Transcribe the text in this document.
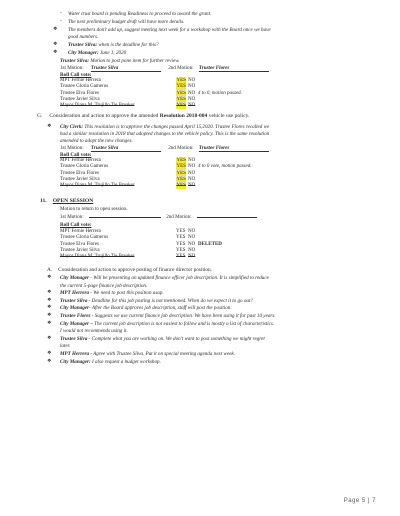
- Water trust board is pending Readiness to proceed to award the grant.
- The next preliminary budget draft will have more details.
❖ The members don't add up, suggest meeting next week for a workshop with the Board once we have
good numbers.
❖ Trustee Silva: when is the deadline for this?
❖ City Manager: June 1, 2020
Trustee Silva: Motion to post pone item for further review.
1st Motion: Trustee Silva	2nd Motion: Trustee Flores
Roll Call vote:
MPT Fernie Herrera	YES NO
Trustee Gloria Gameros	YES NO
Trustee Elva Flores	YES NO 4 to 0, motion passed.
Trustee Javier Silva	YES NO
Mayor Diana M. Trujillo Tie Breaker	YES NO
G. Consideration and action to approve the amended Resolution 2018-004 vehicle use policy.
❖ City Clerk: This resolution is to approve the changes passed April 15,2020. Trustee Flores recalled we
had a similar resolution in 2018 that adopted changes to the vehicle policy. This is the same resolution
amended to adopt the new changes.
1st Motion: Trustee Silva	2nd Motion: Trustee Flores
Roll Call vote:
MPT Fernie Herrera	YES NO
Trustee Gloria Gameros	YES NO 4 to 0 vote, motion passed.
Trustee Elva Flores	YES NO
Trustee Javier Silva	YES NO
Mayor Diana M. Trujillo Tie Breaker	YES NO
11. OPEN SESSION
Motion to return to open session.
1st Motion:	2nd Motion:
Roll Call vote:
MPT Fernie Herrera	YES NO
Trustee Gloria Gameros	YES NO
Trustee Elva Flores	YES NO DELETED
Trustee Javier Silva	YES NO
Mayor Diana M. Trujillo Tie Breaker	YES NO
A. Consideration and action to approve posting of finance director position.
❖ City Manager - Will be presenting an updated finance officer job description. It is simplified to reduce
the current 5-page finance job description.
❖ MPT Herrera - We need to post this position asap.
❖ Trustee Silva - Deadline for this job posting is not mentioned. When do we expect it to go out?
❖ City Manager- After the Board approves job description, staff will post the position.
❖ Trustee Flores - Suggests we use current finance job description. We have been using it for past 10 years.
❖ City Manager – The current job description is not easiest to follow and is mostly a list of characteristics.
I would not recommends using it.
❖ Trustee Silva - Complete what you are working on. We don't want to post something we might regret
later.
❖ MPT Herrera - Agree with Trustee Silva. Put it on special meeting agenda next week.
❖ City Manager: I also request a budget workshop.
Page 5 | 7
